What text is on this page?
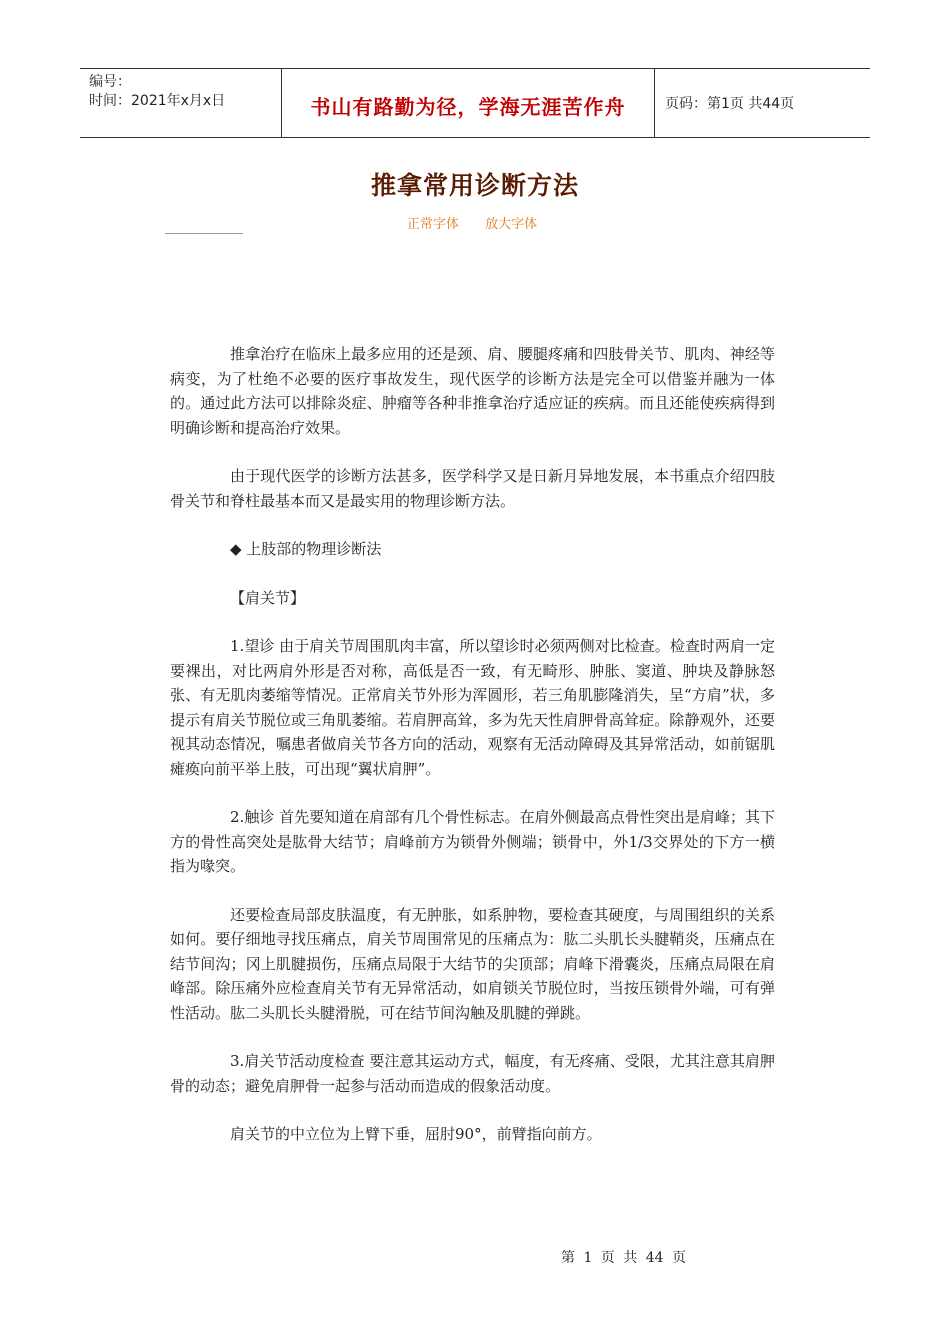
编号：
时间：2021年x月x日	书山有路勤为径，学海无涯苦作舟	页码：第1页 共44页
推拿常用诊断方法
正常字体 放大字体

推拿治疗在临床上最多应用的还是颈、肩、腰腿疼痛和四肢骨关节、肌肉、神经等病变，为了杜绝不必要的医疗事故发生，现代医学的诊断方法是完全可以借鉴并融为一体的。通过此方法可以排除炎症、肿瘤等各种非推拿治疗适应证的疾病。而且还能使疾病得到明确诊断和提高治疗效果。

由于现代医学的诊断方法甚多，医学科学又是日新月异地发展，本书重点介绍四肢骨关节和脊柱最基本而又是最实用的物理诊断方法。

◆ 上肢部的物理诊断法

【肩关节】

1.望诊 由于肩关节周围肌肉丰富，所以望诊时必须两侧对比检查。检查时两肩一定要裸出，对比两肩外形是否对称，高低是否一致，有无畸形、肿胀、窦道、肿块及静脉怒张、有无肌肉萎缩等情况。正常肩关节外形为浑圆形，若三角肌膨隆消失，呈“方肩”状，多提示有肩关节脱位或三角肌萎缩。若肩胛高耸，多为先天性肩胛骨高耸症。除静观外，还要视其动态情况，嘱患者做肩关节各方向的活动，观察有无活动障碍及其异常活动，如前锯肌瘫痪向前平举上肢，可出现“翼状肩胛”。

2.触诊 首先要知道在肩部有几个骨性标志。在肩外侧最高点骨性突出是肩峰；其下方的骨性高突处是肱骨大结节；肩峰前方为锁骨外侧端；锁骨中，外1/3交界处的下方一横指为喙突。

还要检查局部皮肤温度，有无肿胀，如系肿物，要检查其硬度，与周围组织的关系如何。要仔细地寻找压痛点，肩关节周围常见的压痛点为：肱二头肌长头腱鞘炎，压痛点在结节间沟；冈上肌腱损伤，压痛点局限于大结节的尖顶部；肩峰下滑囊炎，压痛点局限在肩峰部。除压痛外应检查肩关节有无异常活动，如肩锁关节脱位时，当按压锁骨外端，可有弹性活动。肱二头肌长头腱滑脱，可在结节间沟触及肌腱的弹跳。

3.肩关节活动度检查 要注意其运动方式，幅度，有无疼痛、受限，尤其注意其肩胛骨的动态；避免肩胛骨一起参与活动而造成的假象活动度。

肩关节的中立位为上臂下垂，屈肘90°，前臂指向前方。

第 1 页 共 44 页
